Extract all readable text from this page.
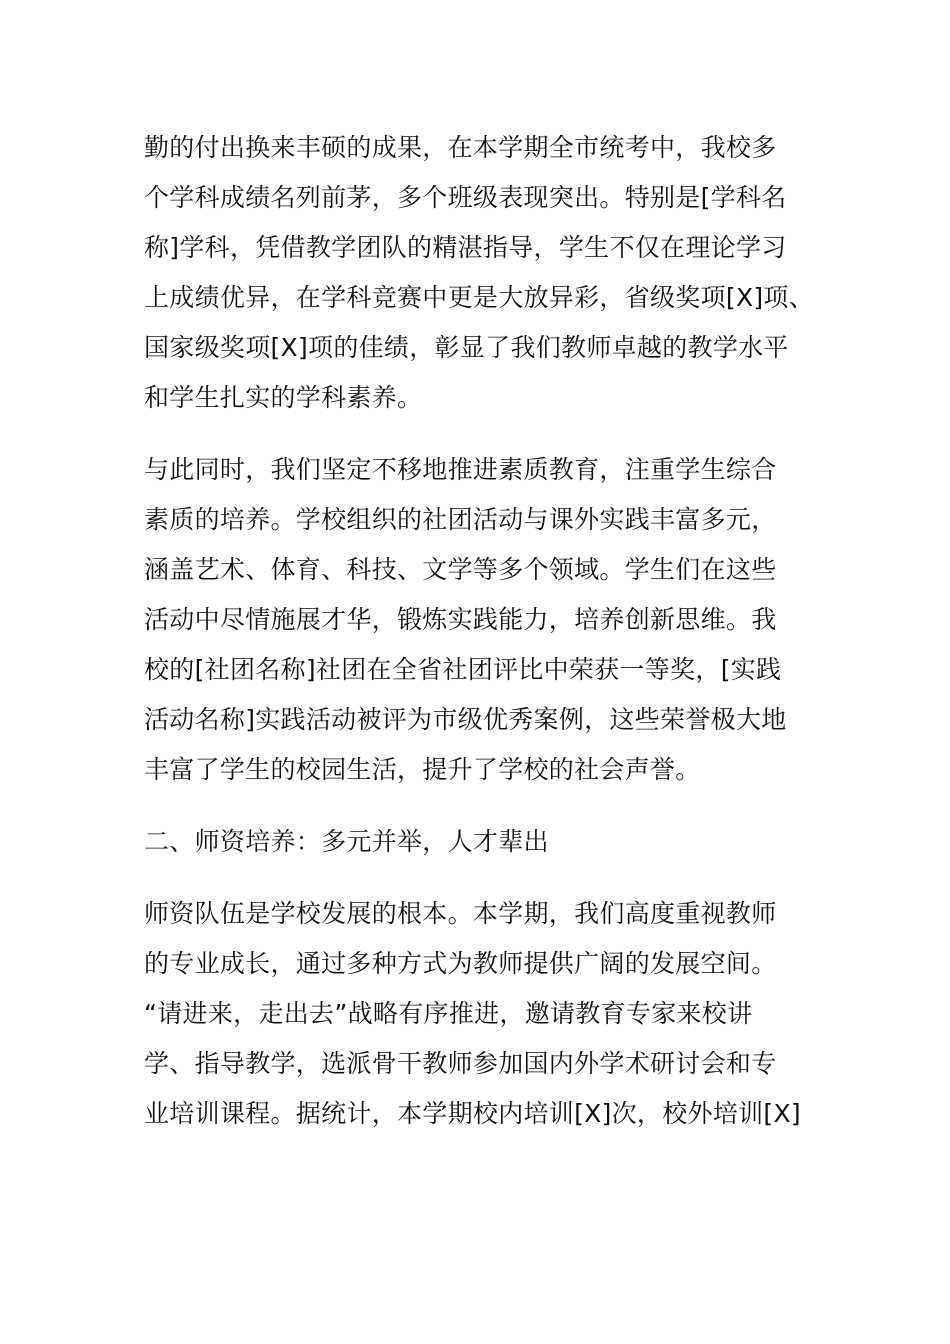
勤的付出换来丰硕的成果，在本学期全市统考中，我校多
个学科成绩名列前茅，多个班级表现突出。特别是[学科名
称]学科，凭借教学团队的精湛指导，学生不仅在理论学习
上成绩优异，在学科竞赛中更是大放异彩，省级奖项[X]项、
国家级奖项[X]项的佳绩，彰显了我们教师卓越的教学水平
和学生扎实的学科素养。

与此同时，我们坚定不移地推进素质教育，注重学生综合
素质的培养。学校组织的社团活动与课外实践丰富多元，
涵盖艺术、体育、科技、文学等多个领域。学生们在这些
活动中尽情施展才华，锻炼实践能力，培养创新思维。我
校的[社团名称]社团在全省社团评比中荣获一等奖，[实践
活动名称]实践活动被评为市级优秀案例，这些荣誉极大地
丰富了学生的校园生活，提升了学校的社会声誉。

二、师资培养：多元并举，人才辈出

师资队伍是学校发展的根本。本学期，我们高度重视教师
的专业成长，通过多种方式为教师提供广阔的发展空间。
“请进来，走出去”战略有序推进，邀请教育专家来校讲
学、指导教学，选派骨干教师参加国内外学术研讨会和专
业培训课程。据统计，本学期校内培训[X]次，校外培训[X]
